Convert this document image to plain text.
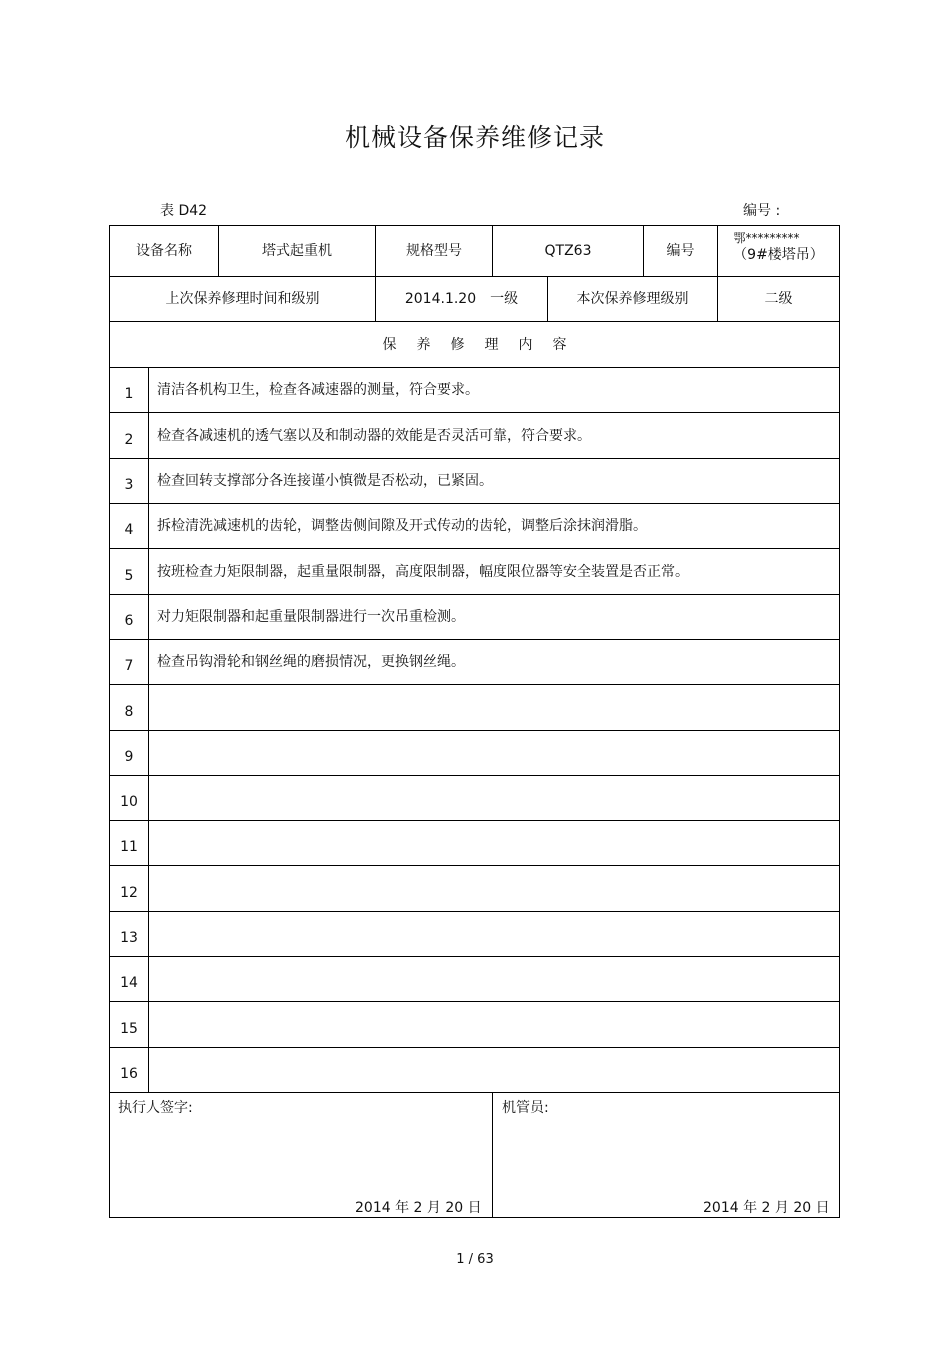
机械设备保养维修记录
表 D42	编号 :
设备名称	塔式起重机	规格型号	QTZ63	编号
鄂*********
（9#楼塔吊）
上次保养修理时间和级别	2014.1.20　一级	本次保养修理级别	二级
保养修理内容
1	清洁各机构卫生，检查各减速器的测量，符合要求。
2	检查各减速机的透气塞以及和制动器的效能是否灵活可靠，符合要求。
3	检查回转支撑部分各连接谨小慎微是否松动，已紧固。
4	拆检清洗减速机的齿轮，调整齿侧间隙及开式传动的齿轮，调整后涂抹润滑脂。
5	按班检查力矩限制器，起重量限制器，高度限制器，幅度限位器等安全装置是否正常。
6	对力矩限制器和起重量限制器进行一次吊重检测。
7	检查吊钩滑轮和钢丝绳的磨损情况，更换钢丝绳。
8
9
10
11
12
13
14
15
16
执行人签字:
2014 年 2 月 20 日
机管员:
2014 年 2 月 20 日
1 / 63
